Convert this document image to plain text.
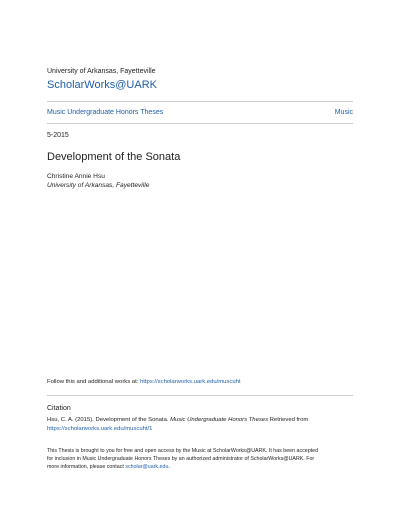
University of Arkansas, Fayetteville
ScholarWorks@UARK
Music Undergraduate Honors Theses	Music
5-2015
Development of the Sonata
Christine Annie Hsu
University of Arkansas, Fayetteville
Follow this and additional works at: https://scholarworks.uark.edu/muscuht
Citation
Hsu, C. A. (2015). Development of the Sonata. Music Undergraduate Honors Theses Retrieved from
https://scholarworks.uark.edu/muscuht/1
This Thesis is brought to you for free and open access by the Music at ScholarWorks@UARK. It has been accepted
for inclusion in Music Undergraduate Honors Theses by an authorized administrator of ScholarWorks@UARK. For
more information, please contact scholar@uark.edu.
